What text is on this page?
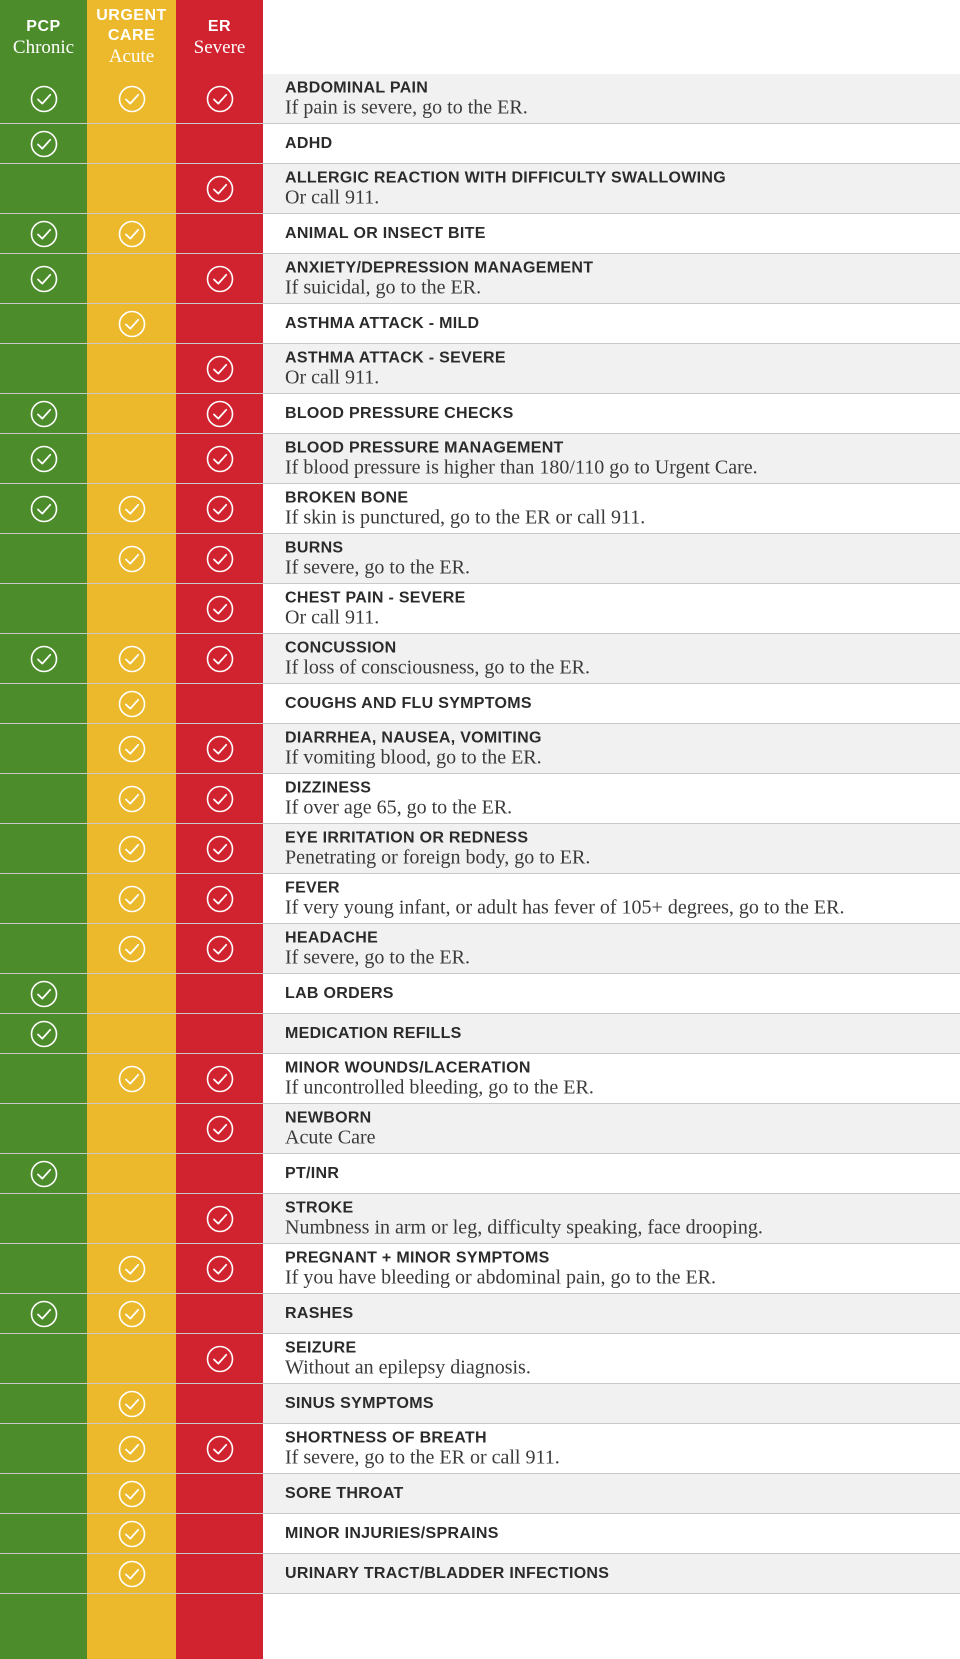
PCP
Chronic
URGENT CARE
Acute
ER
Severe
ABDOMINAL PAIN
If pain is severe, go to the ER.
ADHD
ALLERGIC REACTION WITH DIFFICULTY SWALLOWING
Or call 911.
ANIMAL OR INSECT BITE
ANXIETY/DEPRESSION MANAGEMENT
If suicidal, go to the ER.
ASTHMA ATTACK - MILD
ASTHMA ATTACK - SEVERE
Or call 911.
BLOOD PRESSURE CHECKS
BLOOD PRESSURE MANAGEMENT
If blood pressure is higher than 180/110 go to Urgent Care.
BROKEN BONE
If skin is punctured, go to the ER or call 911.
BURNS
If severe, go to the ER.
CHEST PAIN - SEVERE
Or call 911.
CONCUSSION
If loss of consciousness, go to the ER.
COUGHS AND FLU SYMPTOMS
DIARRHEA, NAUSEA, VOMITING
If vomiting blood, go to the ER.
DIZZINESS
If over age 65, go to the ER.
EYE IRRITATION OR REDNESS
Penetrating or foreign body, go to ER.
FEVER
If very young infant, or adult has fever of 105+ degrees, go to the ER.
HEADACHE
If severe, go to the ER.
LAB ORDERS
MEDICATION REFILLS
MINOR WOUNDS/LACERATION
If uncontrolled bleeding, go to the ER.
NEWBORN
Acute Care
PT/INR
STROKE
Numbness in arm or leg, difficulty speaking, face drooping.
PREGNANT + MINOR SYMPTOMS
If you have bleeding or abdominal pain, go to the ER.
RASHES
SEIZURE
Without an epilepsy diagnosis.
SINUS SYMPTOMS
SHORTNESS OF BREATH
If severe, go to the ER or call 911.
SORE THROAT
MINOR INJURIES/SPRAINS
URINARY TRACT/BLADDER INFECTIONS
